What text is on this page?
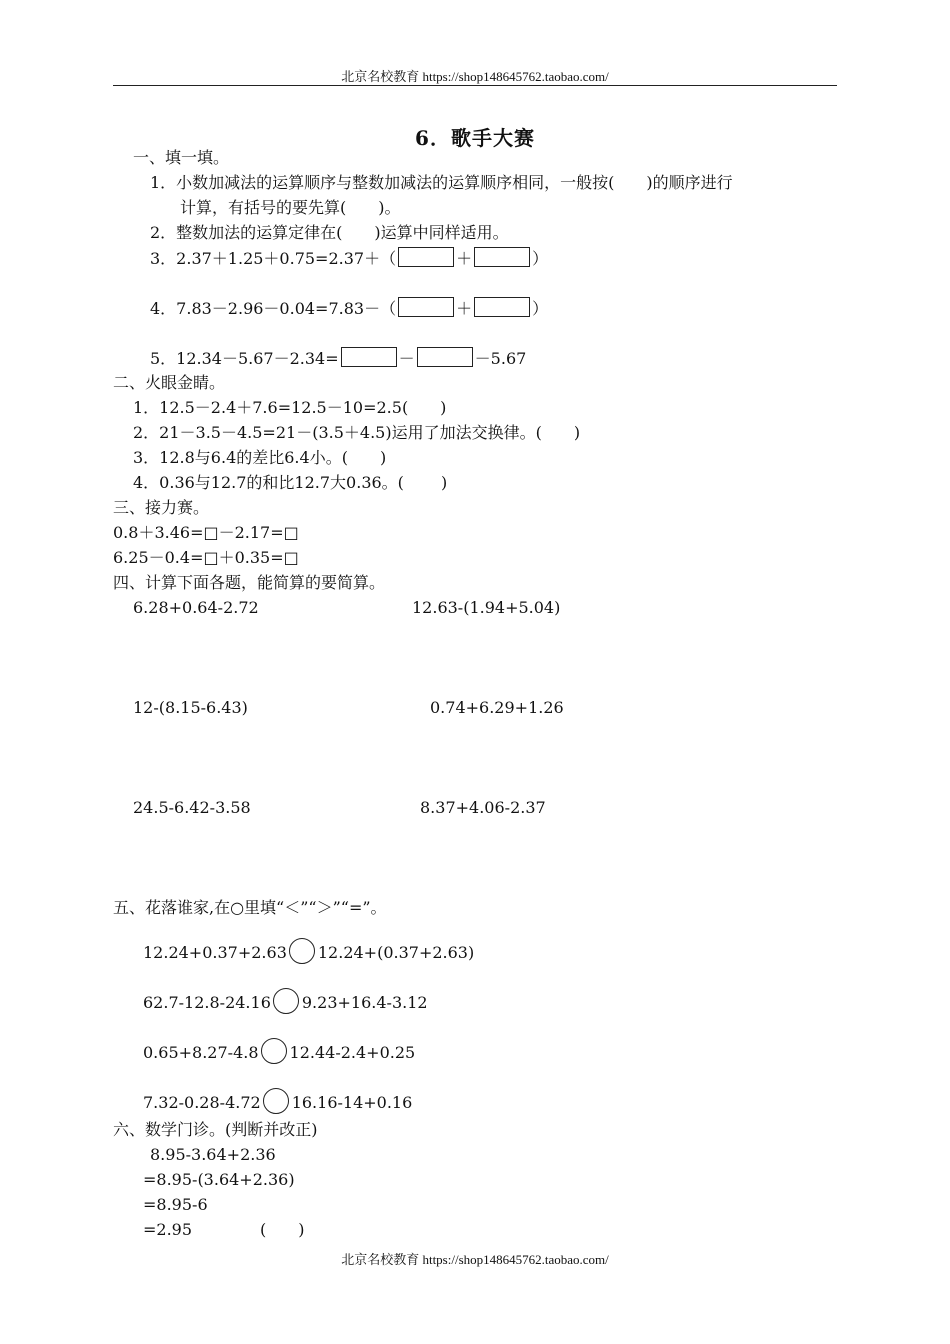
北京名校教育 https://shop148645762.taobao.com/
6．歌手大赛
一、填一填。
1．小数加减法的运算顺序与整数加减法的运算顺序相同，一般按(　　)的顺序进行
计算，有括号的要先算(　　)。
2．整数加法的运算定律在(　　)运算中同样适用。
3．2.37＋1.25＋0.75=2.37＋（	＋	）
4．7.83－2.96－0.04=7.83－（	＋	）
5．12.34－5.67－2.34=	－	－5.67
二、火眼金睛。
1．12.5－2.4＋7.6=12.5－10=2.5(　　)
2．21－3.5－4.5=21－(3.5＋4.5)运用了加法交换律。(　　)
3．12.8与6.4的差比6.4小。(　　)
4．0.36与12.7的和比12.7大0.36。(　　 )
三、接力赛。
0.8＋3.46=□－2.17=□
6.25－0.4=□＋0.35=□
四、计算下面各题，能简算的要简算。
6.28+0.64-2.72	12.63-(1.94+5.04)
12-(8.15-6.43)	0.74+6.29+1.26
24.5-6.42-3.58	8.37+4.06-2.37
五、花落谁家,在○里填“＜”“＞”“=”。
12.24+0.37+2.63 12.24+(0.37+2.63)
62.7-12.8-24.16 9.23+16.4-3.12
0.65+8.27-4.8 12.44-2.4+0.25
7.32-0.28-4.72 16.16-14+0.16
六、数学门诊。(判断并改正)
8.95-3.64+2.36
=8.95-(3.64+2.36)
=8.95-6
=2.95	(　　)
北京名校教育 https://shop148645762.taobao.com/
